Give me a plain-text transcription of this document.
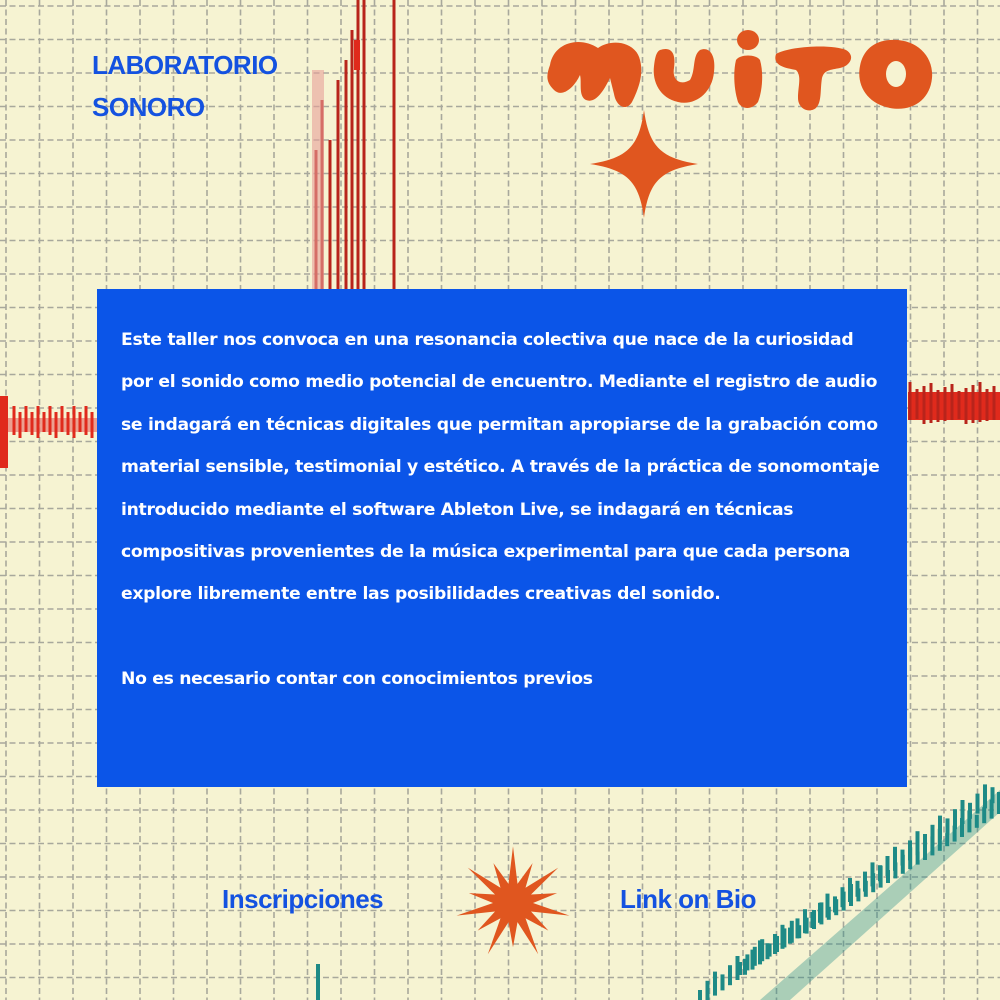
LABORATORIO
SONORO

Este taller nos convoca en una resonancia colectiva que nace de la curiosidad por el sonido como medio potencial de encuentro. Mediante el registro de audio se indagará en técnicas digitales que permitan apropiarse de la grabación como material sensible, testimonial y estético. A través de la práctica de sonomontaje introducido mediante el software Ableton Live, se indagará en técnicas compositivas provenientes de la música experimental para que cada persona explore libremente entre las posibilidades creativas del sonido.

No es necesario contar con conocimientos previos

Inscripciones	Link on Bio
